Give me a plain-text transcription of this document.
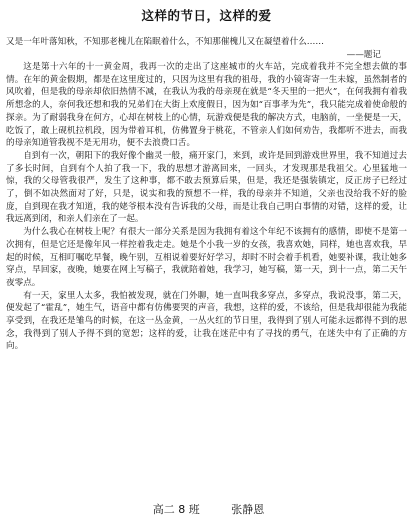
这样的节日，这样的爱

又是一年叶落知秋，不知那老槐儿在陷眠着什么，不知那催槐儿又在凝望着什么……

——题记

这是第十六年的十一黄金周，我再一次的走出了这座城市的火车站，完成着我并不完全想去做的事情。在年的黄金假期，都是在这里度过的，只因为这里有我的祖母，我的小镜寄寄一生未嫁，虽然制者的风吹着，但是我的母亲却依旧热情不减，在我认为我的母亲现在就是“冬天里的一把火”，在何我拥有着我所想念的人，奈何我还想和我的兄弟们在大街上欢度假日，因为如“百事孝为先”，我只能完成着使命般的探亲。为了耐弱我身在何方，心却在树枝上的心情，玩游戏便是我的解决方式，电脑前，一坐便是一天，吃饭了，敢上砚机拉机段，因为带着耳机，仿佛置身于桃花，不管亲人们如何劝告，我都听不进去，而我的母亲知道管我视不是无用功，便不去浪费口舌。

自到有一次，朝阳下的我好像个幽灵一般，痛开家门，来到，或许是回到游戏世界里，我不知道过去了多长时间，自到有个人拍了我一下，我的思想才游离回来，一回头，才发现那是我祖父。心里猛地一惊，我的父母管我很严，发生了这种事，都不敢去预算后果，但是，我还是强装镇定，反正房子已经过了，倒不如决然面对了好，只是，说实和我的预想不一样，我的母亲并不知道，父亲也没给我不好的脸庞，自到现在我才知道，我的姥爷根本没有告诉我的父母，而是让我自己明白事情的对错，这样的爱，让我远离到闭，和亲人们亲在了一起。

为什么我心在树枝上呢？有很大一部分关系是因为我拥有着这个年纪不该拥有的感情，即使不是第一次拥有，但是它还是像年风一样控着我走走。她是个小我一岁的女孩，我喜欢她，同样，她也喜欢我，早起的时候，互相叮嘱吃早餐，晚午别，互相说着要好好学习，却时不时会着手机看，她要补课，我让她多穿点，早回家，夜晚，她要在网上写稿子，我就陪着她，我学习，她写稿，第一天，到十一点，第二天午夜零点。

有一天，家里人太多，我怕被发现，就在门外聊，她一直叫我多穿点，多穿点，我说没事，第二天，便发起了“霍乱”，她生气，语音中都有仿佛要哭的声音，我想，这样的爱，不该给，但是我却很能为我能享受到，在我还是雏鸟的时候，在这一丛金黄，一丛火红的节日里，我得到了别人可能永远都得不到的思念，我得到了别人予得不到的宽恕；这样的爱，让我在迷茫中有了寻找的勇气，在迷失中有了正确的方向。

高二 8 班	张静恩
